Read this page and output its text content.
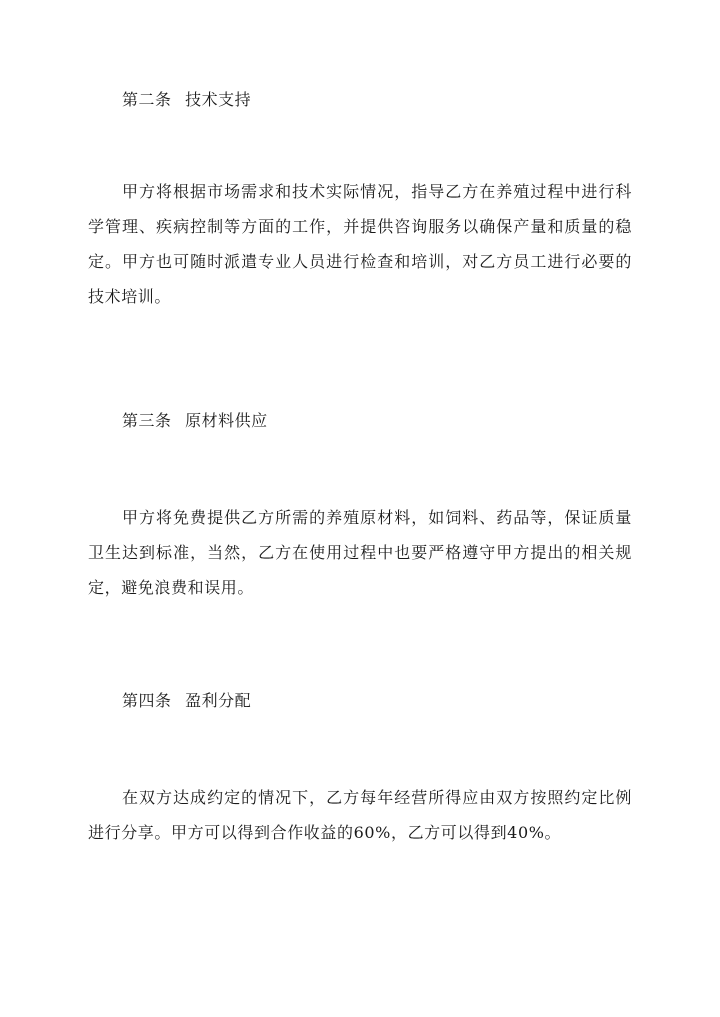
第二条 技术支持

甲方将根据市场需求和技术实际情况，指导乙方在养殖过程中进行科学管理、疾病控制等方面的工作，并提供咨询服务以确保产量和质量的稳定。甲方也可随时派遣专业人员进行检查和培训，对乙方员工进行必要的技术培训。

第三条 原材料供应

甲方将免费提供乙方所需的养殖原材料，如饲料、药品等，保证质量卫生达到标准，当然，乙方在使用过程中也要严格遵守甲方提出的相关规定，避免浪费和误用。

第四条 盈利分配

在双方达成约定的情况下，乙方每年经营所得应由双方按照约定比例进行分享。甲方可以得到合作收益的60%，乙方可以得到40%。
